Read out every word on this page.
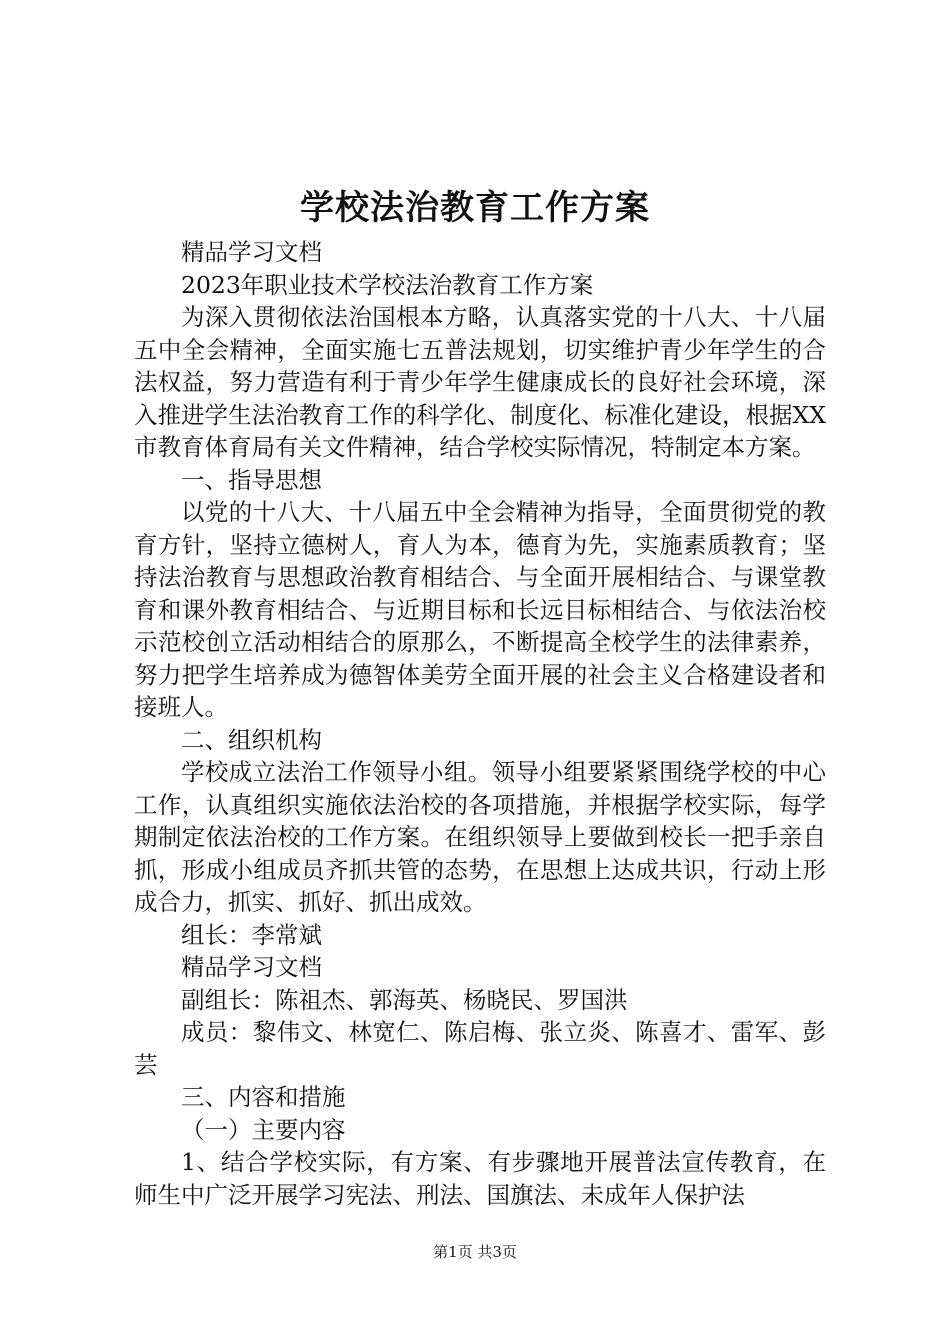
学校法治教育工作方案

精品学习文档

2023年职业技术学校法治教育工作方案

为深入贯彻依法治国根本方略，认真落实党的十八大、十八届五中全会精神，全面实施七五普法规划，切实维护青少年学生的合法权益，努力营造有利于青少年学生健康成长的良好社会环境，深入推进学生法治教育工作的科学化、制度化、标准化建设，根据XX市教育体育局有关文件精神，结合学校实际情况，特制定本方案。

一、指导思想

以党的十八大、十八届五中全会精神为指导，全面贯彻党的教育方针，坚持立德树人，育人为本，德育为先，实施素质教育；坚持法治教育与思想政治教育相结合、与全面开展相结合、与课堂教育和课外教育相结合、与近期目标和长远目标相结合、与依法治校示范校创立活动相结合的原那么，不断提高全校学生的法律素养，努力把学生培养成为德智体美劳全面开展的社会主义合格建设者和接班人。

二、组织机构

学校成立法治工作领导小组。领导小组要紧紧围绕学校的中心工作，认真组织实施依法治校的各项措施，并根据学校实际，每学期制定依法治校的工作方案。在组织领导上要做到校长一把手亲自抓，形成小组成员齐抓共管的态势，在思想上达成共识，行动上形成合力，抓实、抓好、抓出成效。

组长：李常斌

精品学习文档

副组长：陈祖杰、郭海英、杨晓民、罗国洪

成员：黎伟文、林宽仁、陈启梅、张立炎、陈喜才、雷军、彭芸

三、内容和措施

（一）主要内容

1、结合学校实际，有方案、有步骤地开展普法宣传教育，在师生中广泛开展学习宪法、刑法、国旗法、未成年人保护法

第1页 共3页
